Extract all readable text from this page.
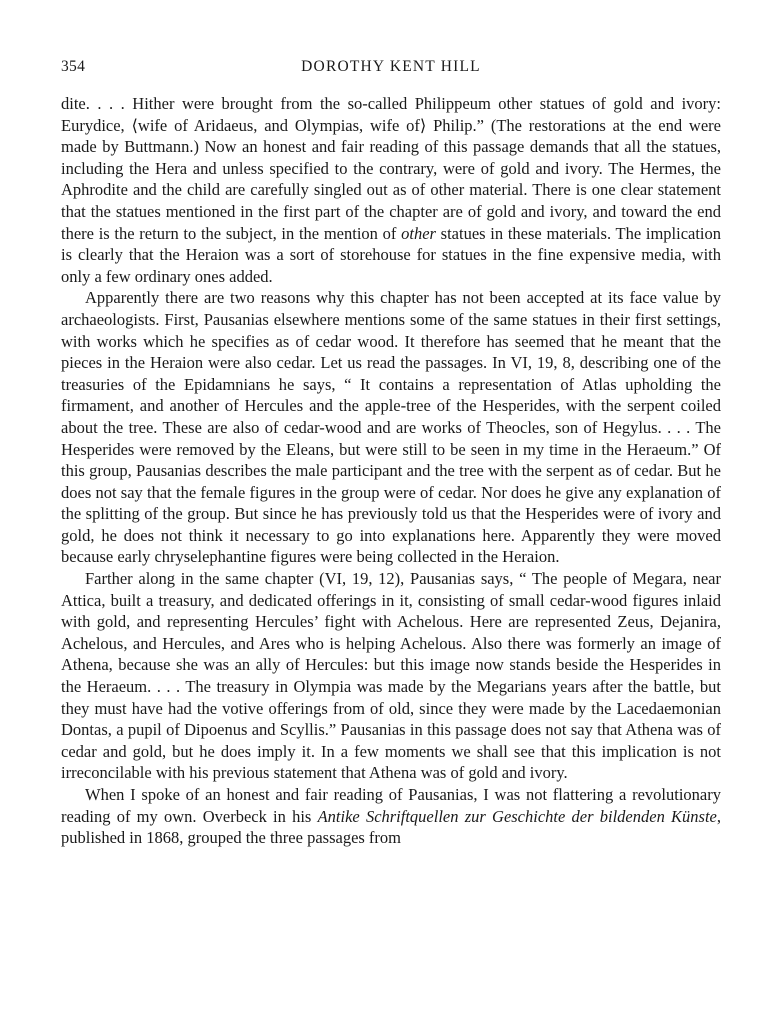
354	DOROTHY KENT HILL

dite. . . . Hither were brought from the so-called Philippeum other statues of gold and ivory: Eurydice, ⟨wife of Aridaeus, and Olympias, wife of⟩ Philip.” (The restorations at the end were made by Buttmann.) Now an honest and fair reading of this passage demands that all the statues, including the Hera and unless specified to the contrary, were of gold and ivory. The Hermes, the Aphrodite and the child are carefully singled out as of other material. There is one clear statement that the statues mentioned in the first part of the chapter are of gold and ivory, and toward the end there is the return to the subject, in the mention of other statues in these materials. The implication is clearly that the Heraion was a sort of storehouse for statues in the fine expensive media, with only a few ordinary ones added.

Apparently there are two reasons why this chapter has not been accepted at its face value by archaeologists. First, Pausanias elsewhere mentions some of the same statues in their first settings, with works which he specifies as of cedar wood. It therefore has seemed that he meant that the pieces in the Heraion were also cedar. Let us read the passages. In VI, 19, 8, describing one of the treasuries of the Epidamnians he says, “ It contains a representation of Atlas upholding the firmament, and another of Hercules and the apple-tree of the Hesperides, with the serpent coiled about the tree. These are also of cedar-wood and are works of Theocles, son of Hegylus. . . . The Hesperides were removed by the Eleans, but were still to be seen in my time in the Heraeum.” Of this group, Pausanias describes the male participant and the tree with the serpent as of cedar. But he does not say that the female figures in the group were of cedar. Nor does he give any explanation of the splitting of the group. But since he has previously told us that the Hesperides were of ivory and gold, he does not think it necessary to go into explanations here. Apparently they were moved because early chryselephantine figures were being collected in the Heraion.

Farther along in the same chapter (VI, 19, 12), Pausanias says, “ The people of Megara, near Attica, built a treasury, and dedicated offerings in it, consisting of small cedar-wood figures inlaid with gold, and representing Hercules’ fight with Achelous. Here are represented Zeus, Dejanira, Achelous, and Hercules, and Ares who is helping Achelous. Also there was formerly an image of Athena, because she was an ally of Hercules: but this image now stands beside the Hesperides in the Heraeum. . . . The treasury in Olympia was made by the Megarians years after the battle, but they must have had the votive offerings from of old, since they were made by the Lacedaemonian Dontas, a pupil of Dipoenus and Scyllis.” Pausanias in this passage does not say that Athena was of cedar and gold, but he does imply it. In a few moments we shall see that this implication is not irreconcilable with his previous statement that Athena was of gold and ivory.

When I spoke of an honest and fair reading of Pausanias, I was not flattering a revolutionary reading of my own. Overbeck in his Antike Schriftquellen zur Geschichte der bildenden Künste, published in 1868, grouped the three passages from
